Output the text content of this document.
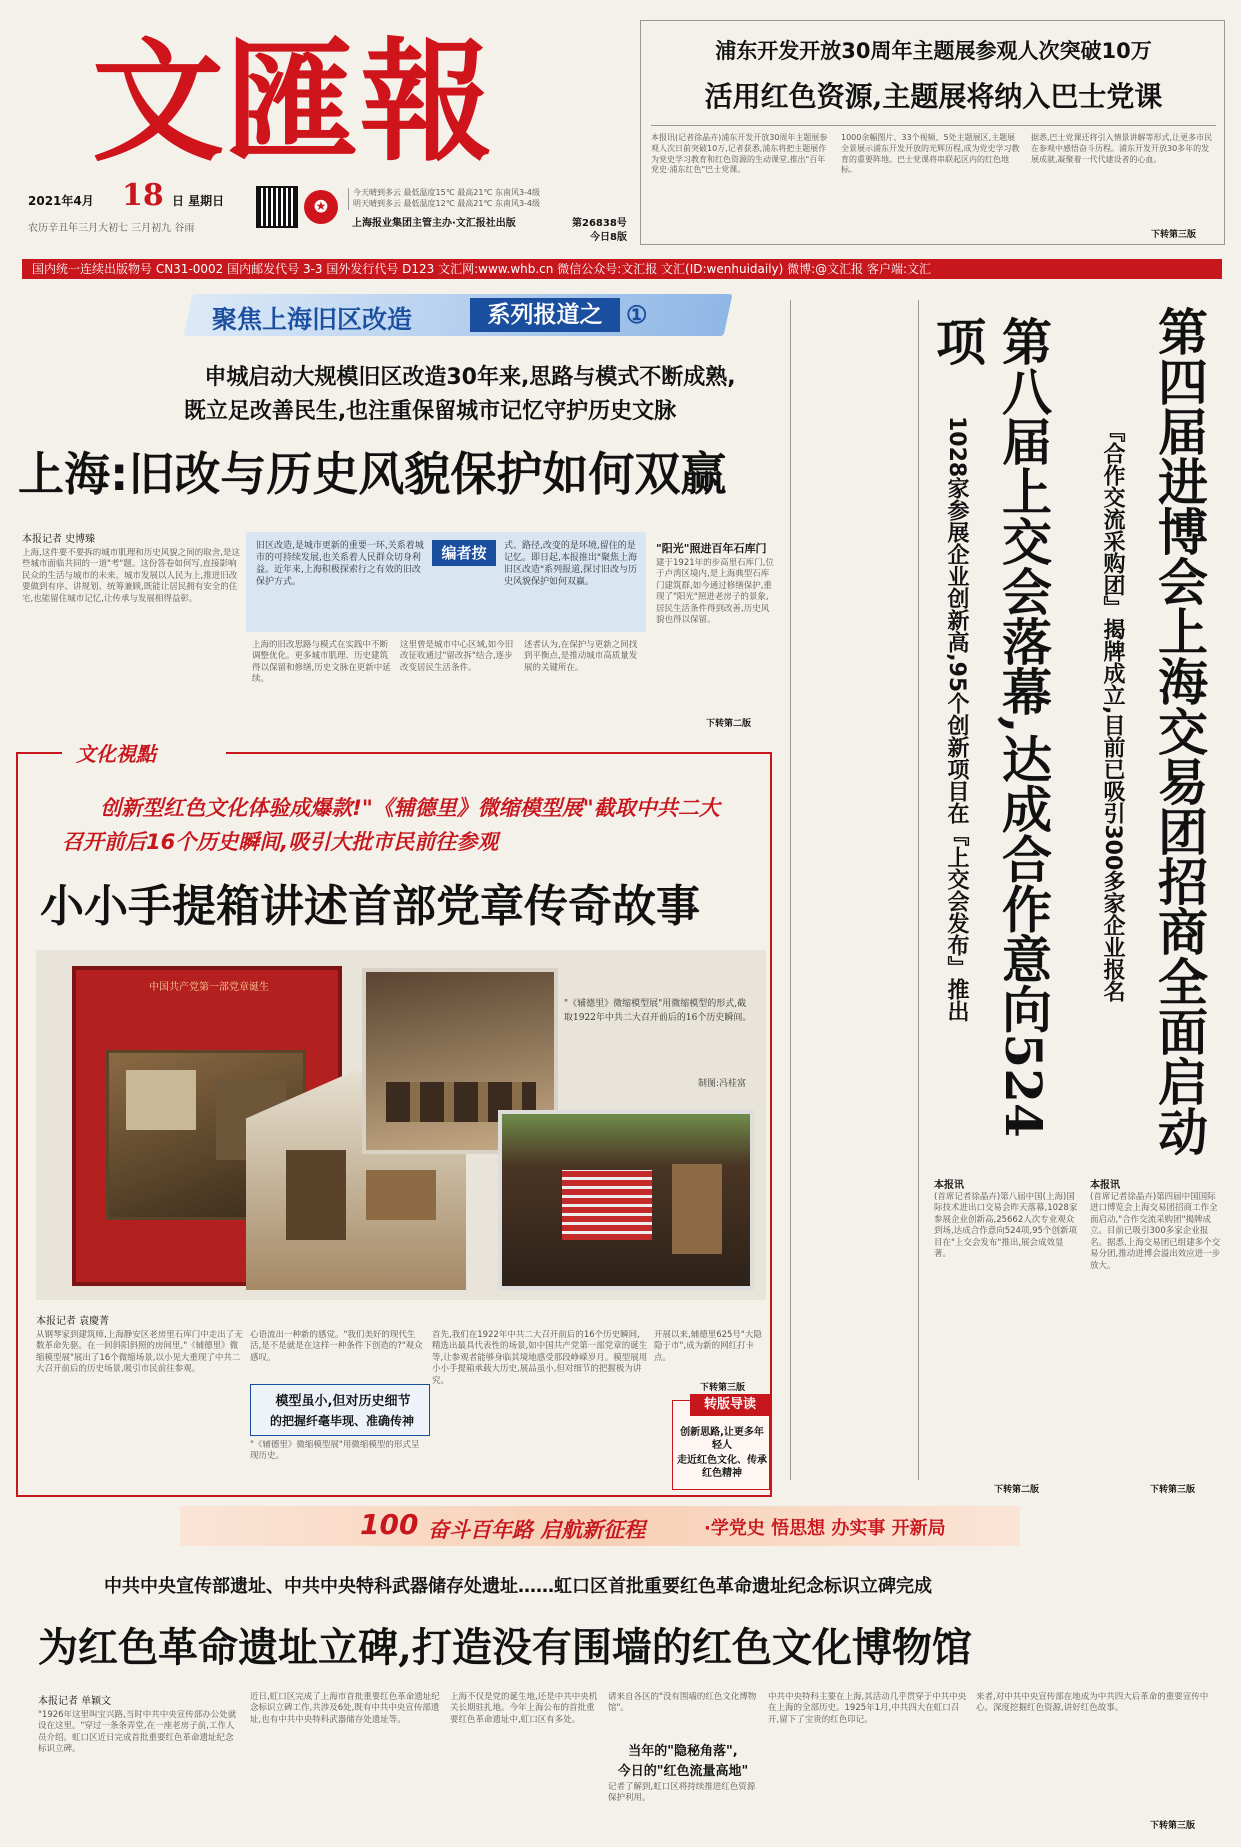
文匯報
2021年4月 18 日 星期日
农历辛丑年三月大初七 三月初九 谷雨
✪
今天晴到多云 最低温度15℃ 最高21℃ 东南风3-4级
明天晴到多云 最低温度12℃ 最高21℃ 东南风3-4级
上海报业集团主管主办·文汇报社出版	第26838号
今日8版
国内统一连续出版物号 CN31-0002 国内邮发代号 3-3 国外发行代号 D123 文汇网:www.whb.cn 微信公众号:文汇报 文汇(ID:wenhuidaily) 微博:@文汇报 客户端:文汇
浦东开发开放30周年主题展参观人次突破10万
活用红色资源,主题展将纳入巴士党课
本报讯(记者徐晶卉)浦东开发开放30周年主题展参观人次日前突破10万,记者获悉,浦东将把主题展作为党史学习教育和红色资源的生动课堂,推出"百年党史·浦东红色"巴士党课。
1000余幅图片、33个视频、5处主题展区,主题展全景展示浦东开发开放的光辉历程,成为党史学习教育的重要阵地。巴士党课将串联起区内的红色地标。
据悉,巴士党课还将引入情景讲解等形式,让更多市民在参观中感悟奋斗历程。浦东开发开放30多年的发展成就,凝聚着一代代建设者的心血。
下转第三版
聚焦上海旧区改造	系列报道之 ①
申城启动大规模旧区改造30年来,思路与模式不断成熟,
既立足改善民生,也注重保留城市记忆守护历史文脉
上海:旧改与历史风貌保护如何双赢
本报记者 史博臻
上海,这件要不要拆的城市肌理和历史风貌之间的取舍,是这些城市面临共同的一道"考"题。这份答卷如何写,直接影响民众的生活与城市的未来。城市发展以人民为上,推进旧改要做到有序、讲规划、统筹兼顾,既能让居民拥有安全的住宅,也能留住城市记忆,让传承与发展相得益彰。
编者按
旧区改造,是城市更新的重要一环,关系着城市的可持续发展,也关系着人民群众切身利益。近年来,上海积极探索行之有效的旧改保护方式。
式、路径,改变的是环境,留住的是记忆。即日起,本报推出"聚焦上海旧区改造"系列报道,探讨旧改与历史风貌保护如何双赢。
上海的旧改思路与模式在实践中不断调整优化。更多城市肌理、历史建筑得以保留和修缮,历史文脉在更新中延续。
这里曾是城市中心区域,如今旧改征收通过"留改拆"结合,逐步改变居民生活条件。
述者认为,在保护与更新之间找到平衡点,是推动城市高质量发展的关键所在。
"阳光"照进百年石库门
建于1921年的步高里石库门,位于卢湾区境内,是上海典型石库门建筑群,如今通过修缮保护,重现了"阳光"照进老房子的景象,居民生活条件得到改善,历史风貌也得以保留。
下转第二版
文化視點
创新型红色文化体验成爆款!"《辅德里》微缩模型展"截取中共二大
召开前后16个历史瞬间,吸引大批市民前往参观
小小手提箱讲述首部党章传奇故事
中国共产党第一部党章诞生
"《辅德里》微缩模型展"用微缩模型的形式,截取1922年中共二大召开前后的16个历史瞬间。
制图:冯桂富
本报记者 袁慶菁
从钢琴家到建筑师,上海静安区老房里石库门中走出了无数革命先驱。在一间斜阳斜照的房间里,"《辅德里》微缩模型展"展出了16个微缩场景,以小见大重现了中共二大召开前后的历史场景,吸引市民前往参观。
心语流出一种新的感觉。"我们美好的现代生活,是不是就是在这样一种条件下创造的?"观众感叹。
模型虽小,但对历史细节
的把握纤毫毕现、准确传神
"《辅德里》微缩模型展"用微缩模型的形式呈现历史。
首先,我们在1922年中共二大召开前后的16个历史瞬间,精选出最具代表性的场景,如中国共产党第一部党章的诞生等,让参观者能够身临其境地感受那段峥嵘岁月。模型展用小小手提箱承载大历史,展品虽小,但对细节的把握极为讲究。
开展以来,辅德里625号"大隐隐于市",成为新的网红打卡点。
下转第三版
转版导读
创新思路,让更多年轻人
走近红色文化、传承红色精神
第四届进博会上海交易团招商全面启动
『合作交流采购团』揭牌成立,目前已吸引300多家企业报名
本报讯
(首席记者徐晶卉)第四届中国国际进口博览会上海交易团招商工作全面启动,"合作交流采购团"揭牌成立。目前已吸引300多家企业报名。据悉,上海交易团已组建多个交易分团,推动进博会溢出效应进一步放大。
下转第三版
第八届上交会落幕,达成合作意向524项
1028家参展企业创新高,95个创新项目在『上交会发布』推出
本报讯
(首席记者徐晶卉)第八届中国(上海)国际技术进出口交易会昨天落幕,1028家参展企业创新高,25662人次专业观众到场,达成合作意向524项,95个创新项目在"上交会发布"推出,展会成效显著。
下转第二版
100 奋斗百年路 启航新征程	·学党史 悟思想 办实事 开新局
中共中央宣传部遗址、中共中央特科武器储存处遗址……虹口区首批重要红色革命遗址纪念标识立碑完成
为红色革命遗址立碑,打造没有围墙的红色文化博物馆
本报记者 单颖文
"1926年这里叫宝兴路,当时中共中央宣传部办公处就设在这里。"穿过一条条弄堂,在一座老房子前,工作人员介绍。虹口区近日完成首批重要红色革命遗址纪念标识立碑。
近日,虹口区完成了上海市首批重要红色革命遗址纪念标识立碑工作,共涉及6处,既有中共中央宣传部遗址,也有中共中央特科武器储存处遗址等。
上海不仅是党的诞生地,还是中共中央机关长期驻扎地。今年上海公布的首批重要红色革命遗址中,虹口区有多处。
请来自各区的"没有围墙的红色文化博物馆"。
当年的"隐秘角落",
今日的"红色流量高地"
记者了解到,虹口区将持续推进红色资源保护利用。
中共中央特科主要在上海,其活动几乎贯穿于中共中央在上海的全部历史。1925年1月,中共四大在虹口召开,留下了宝贵的红色印记。
来者,对中共中央宣传部在地成为中共四大后革命的重要宣传中心。深度挖掘红色资源,讲好红色故事。
下转第三版
